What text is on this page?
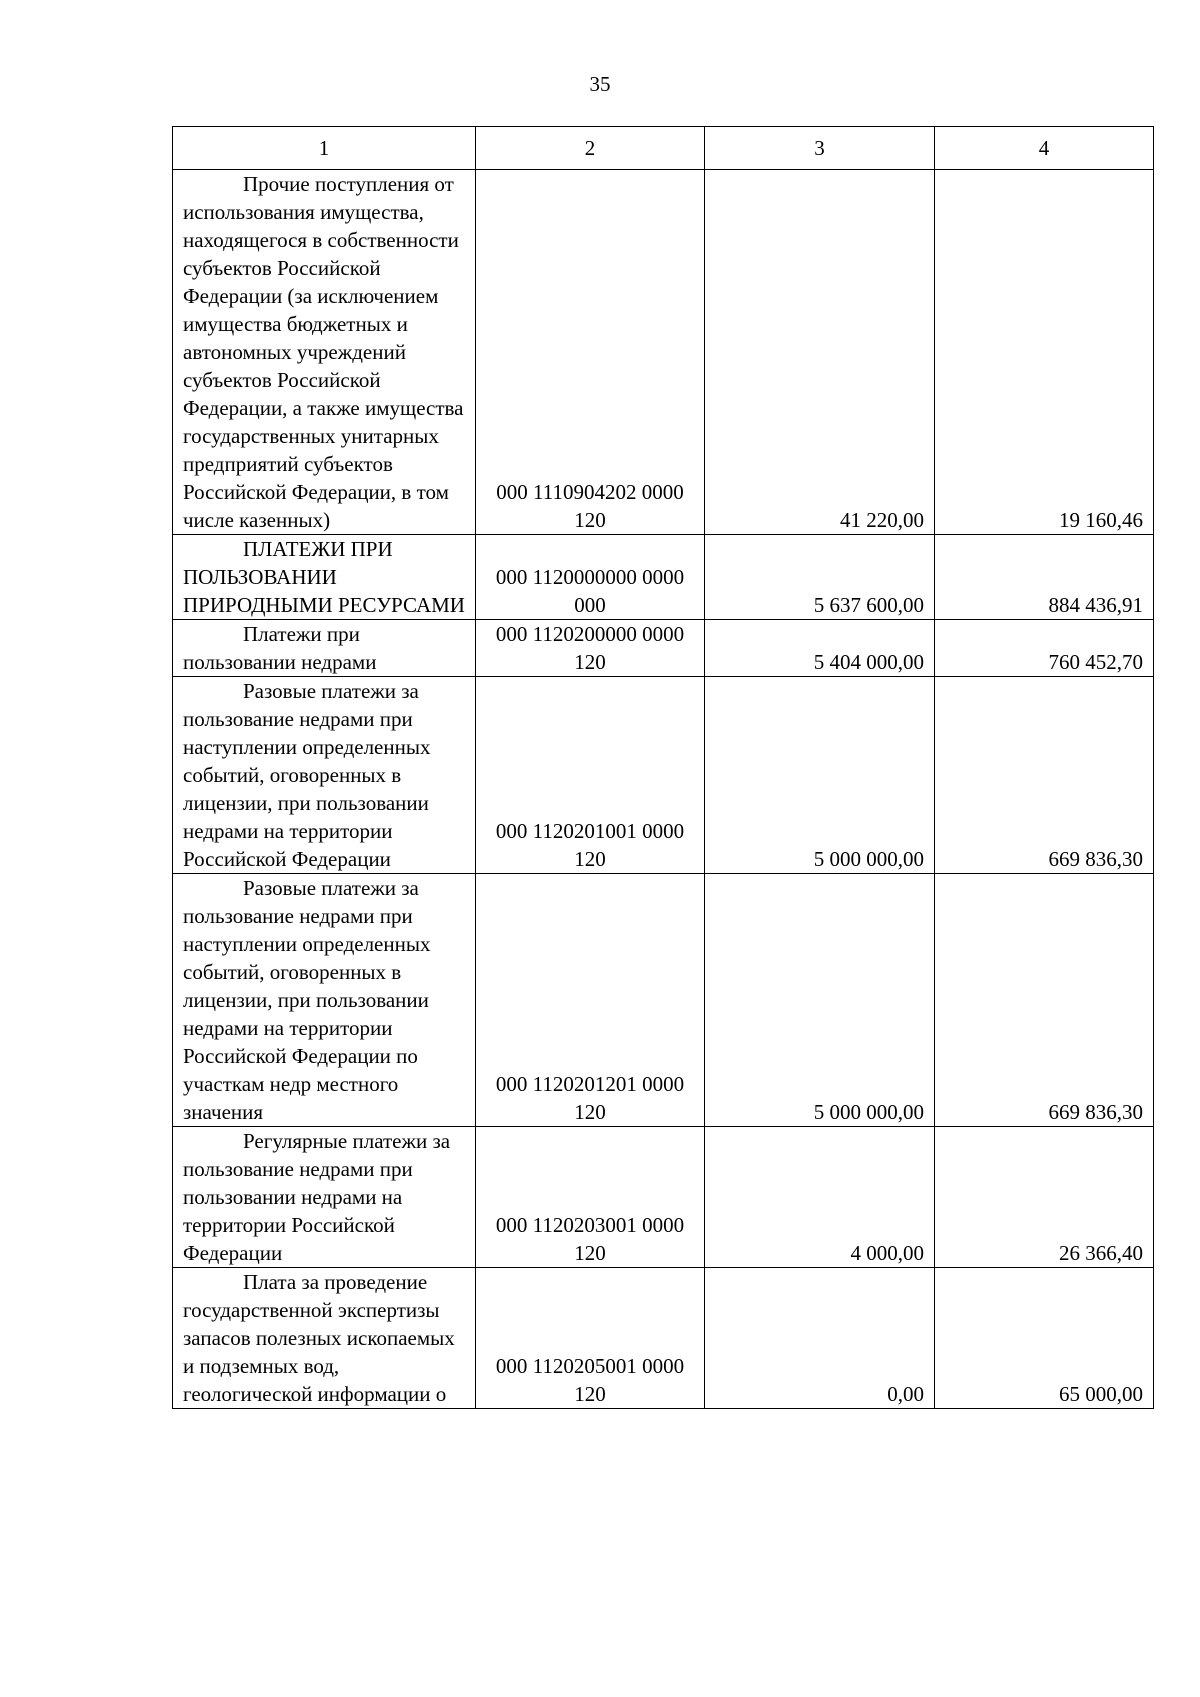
35
1	2	3	4
Прочие поступления от использования имущества, находящегося в собственности субъектов Российской Федерации (за исключением имущества бюджетных и автономных учреждений субъектов Российской Федерации, а также имущества государственных унитарных предприятий субъектов Российской Федерации, в том числе казенных)	000 1110904202 0000 120	41 220,00	19 160,46
ПЛАТЕЖИ ПРИ ПОЛЬЗОВАНИИ ПРИРОДНЫМИ РЕСУРСАМИ	000 1120000000 0000 000	5 637 600,00	884 436,91
Платежи при пользовании недрами	000 1120200000 0000 120	5 404 000,00	760 452,70
Разовые платежи за пользование недрами при наступлении определенных событий, оговоренных в лицензии, при пользовании недрами на территории Российской Федерации	000 1120201001 0000 120	5 000 000,00	669 836,30
Разовые платежи за пользование недрами при наступлении определенных событий, оговоренных в лицензии, при пользовании недрами на территории Российской Федерации по участкам недр местного значения	000 1120201201 0000 120	5 000 000,00	669 836,30
Регулярные платежи за пользование недрами при пользовании недрами на территории Российской Федерации	000 1120203001 0000 120	4 000,00	26 366,40
Плата за проведение государственной экспертизы запасов полезных ископаемых и подземных вод, геологической информации о	000 1120205001 0000 120	0,00	65 000,00
